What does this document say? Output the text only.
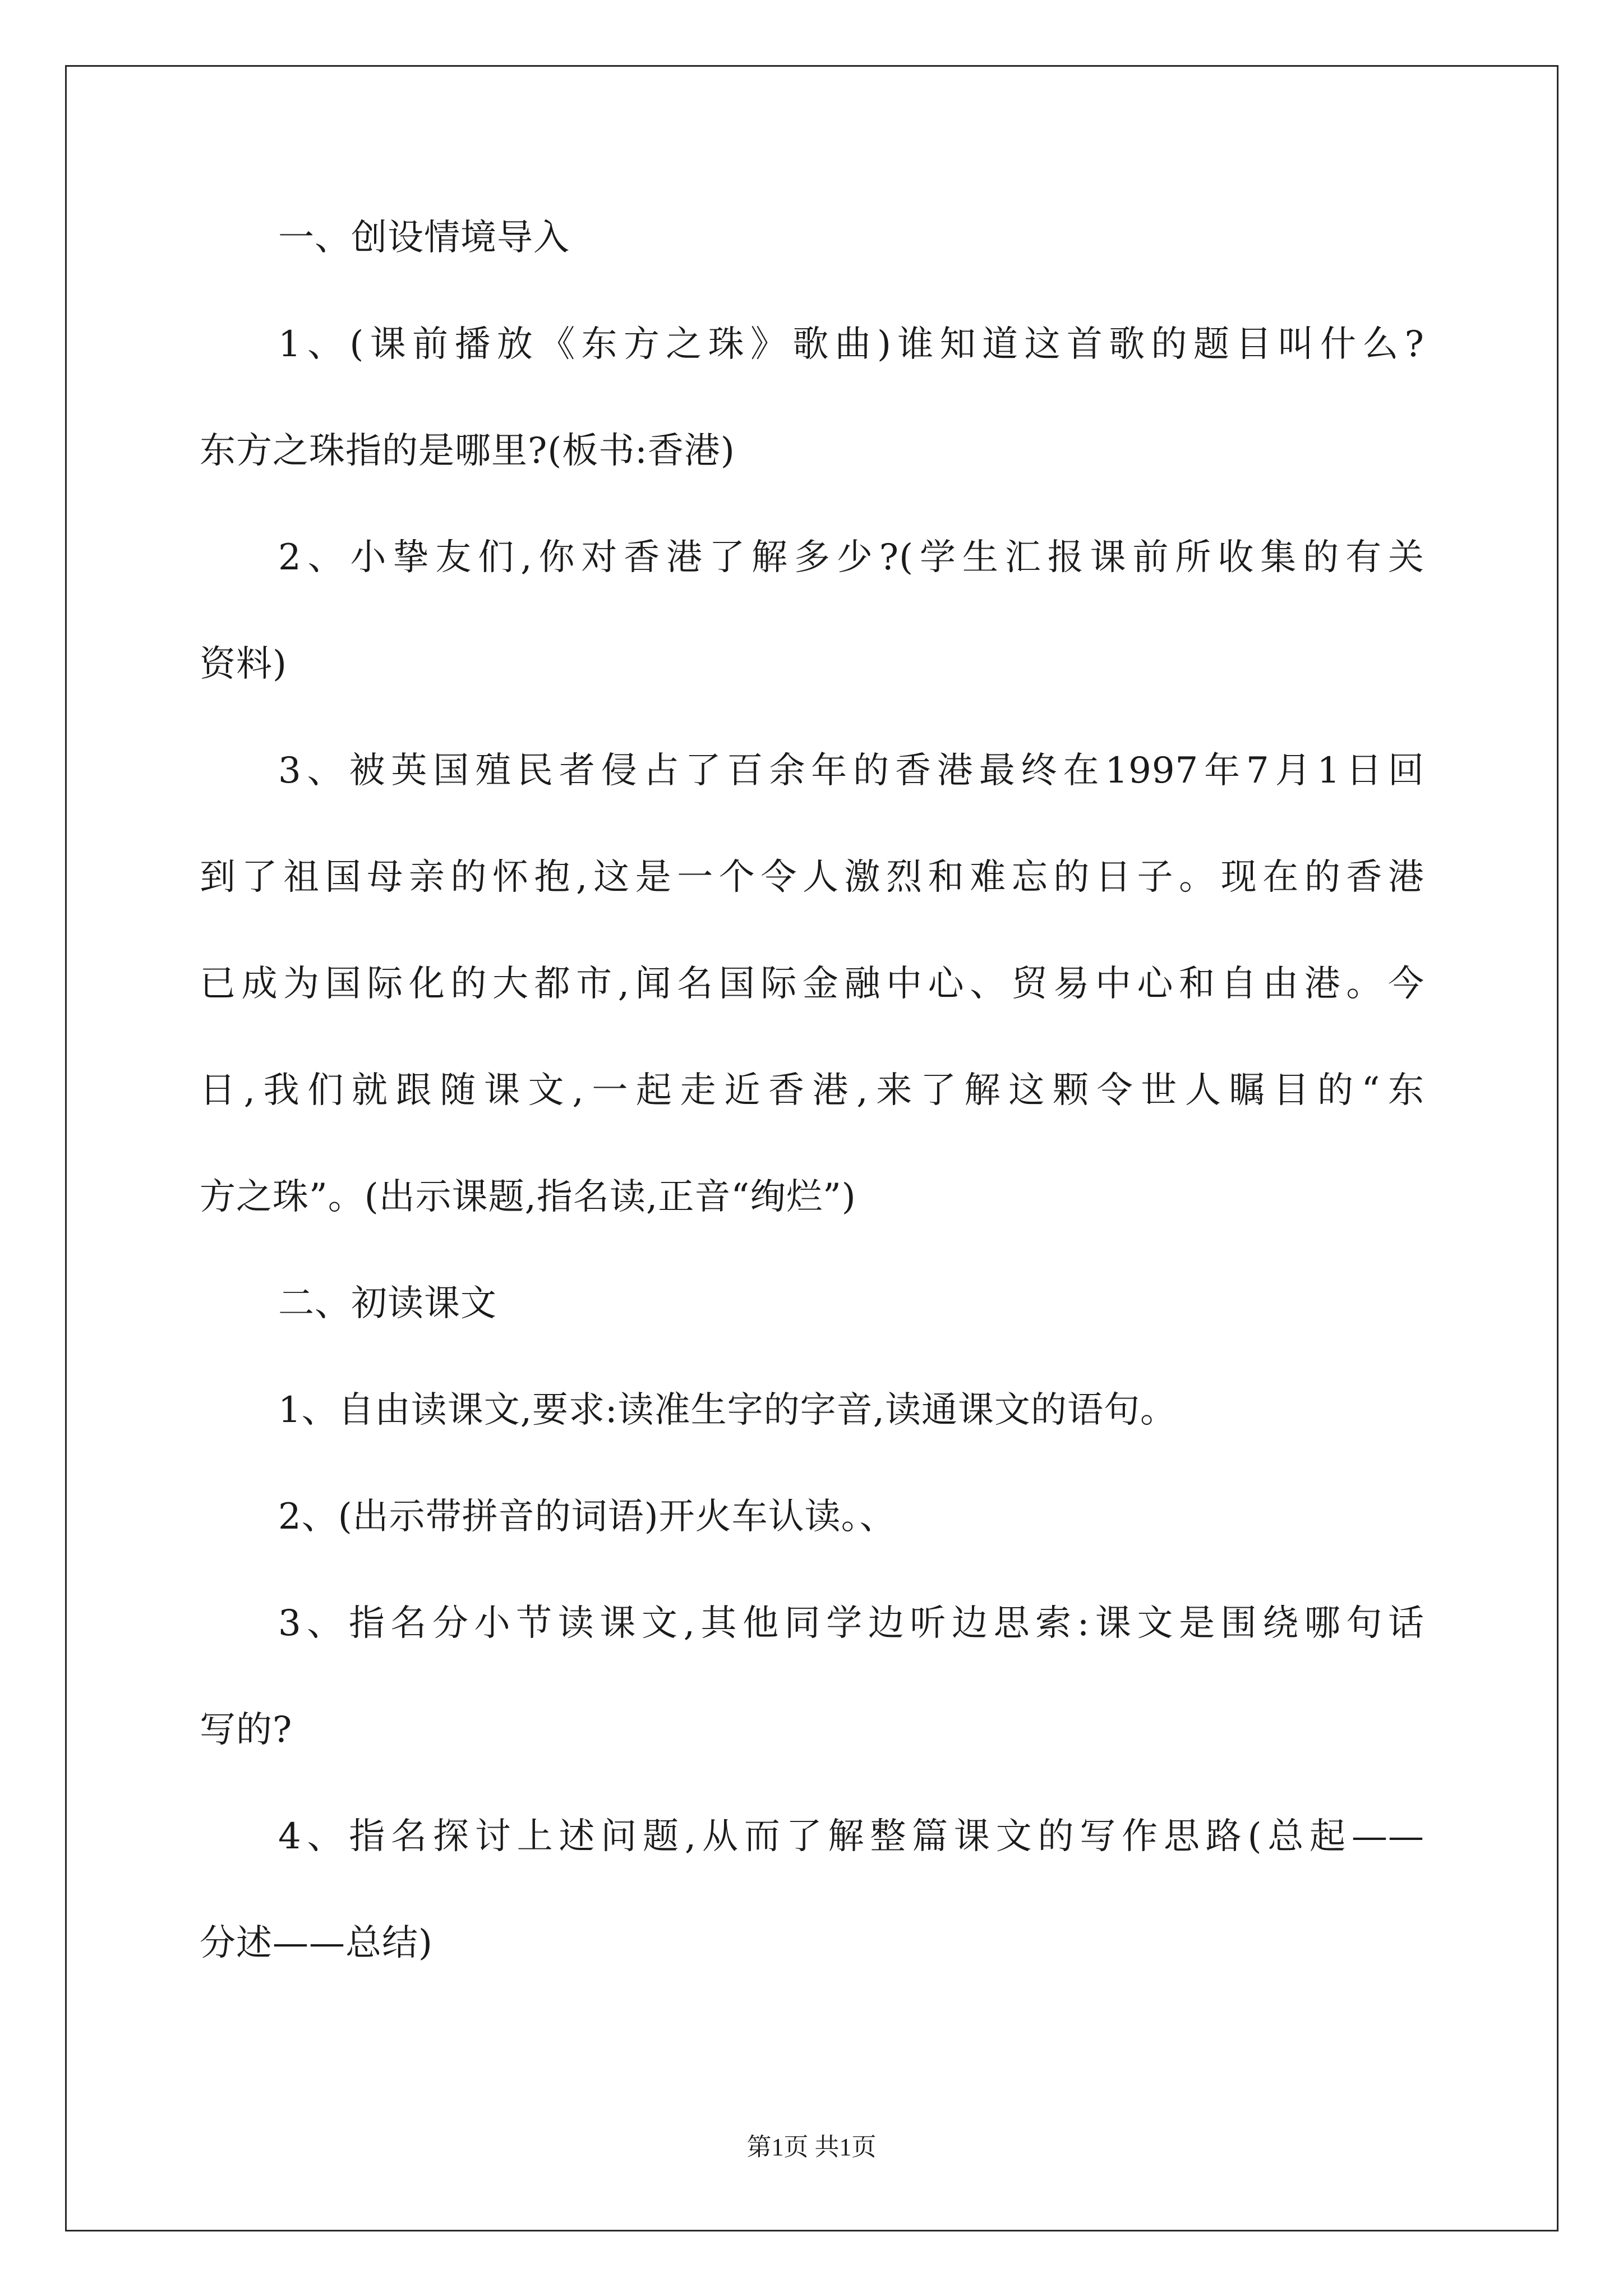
一、创设情境导入
1、(课前播放《东方之珠》歌曲)谁知道这首歌的题目叫什么?
东方之珠指的是哪里?(板书:香港)
2、小挚友们,你对香港了解多少?(学生汇报课前所收集的有关
资料)
3、被英国殖民者侵占了百余年的香港最终在1997年7月1日回
到了祖国母亲的怀抱,这是一个令人激烈和难忘的日子。现在的香港
已成为国际化的大都市,闻名国际金融中心、贸易中心和自由港。今
日,我们就跟随课文,一起走近香港,来了解这颗令世人瞩目的“东
方之珠”。(出示课题,指名读,正音“绚烂”)
二、初读课文
1、自由读课文,要求:读准生字的字音,读通课文的语句。
2、(出示带拼音的词语)开火车认读。、
3、指名分小节读课文,其他同学边听边思索:课文是围绕哪句话
写的?
4、指名探讨上述问题,从而了解整篇课文的写作思路(总起——
分述——总结)
第1页 共1页
